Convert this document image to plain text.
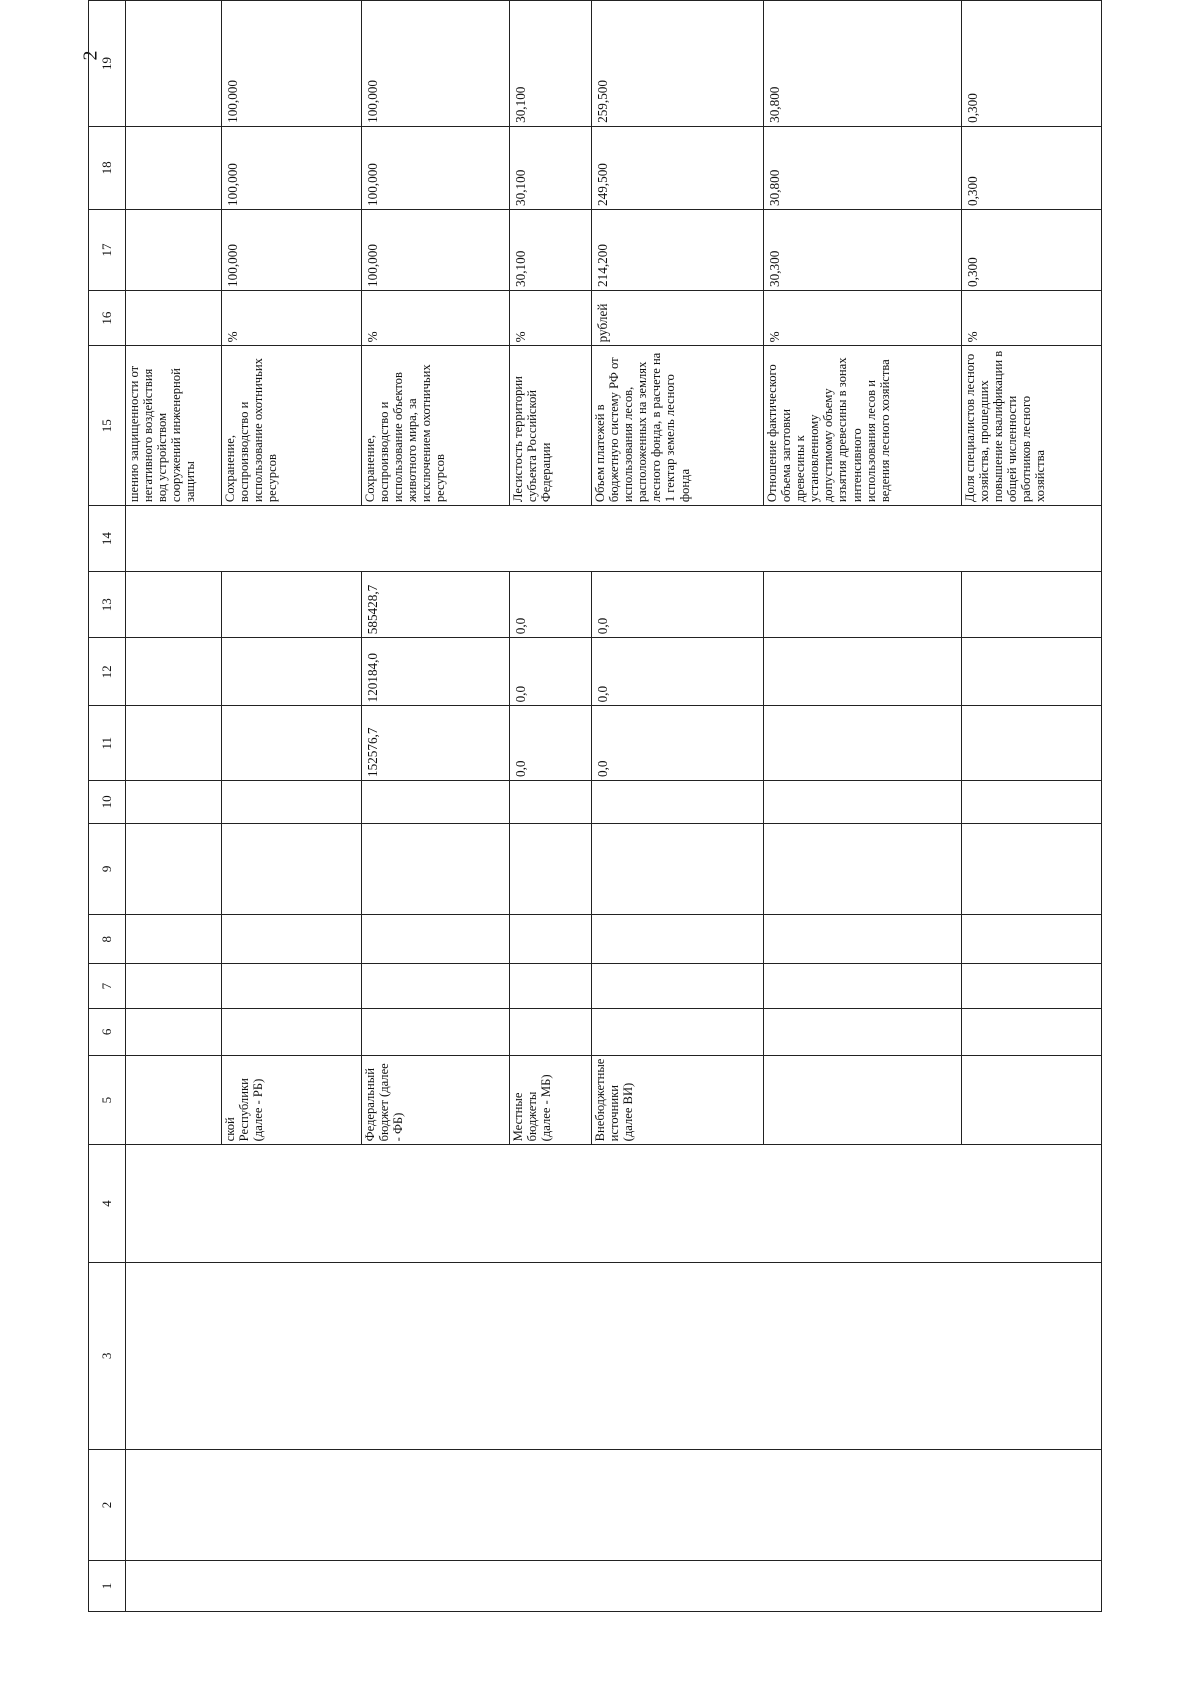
2
1	2	3	4	5	6	7	8	9	10	11	12	13	14	15	16	17	18	19
														шению защищенности от негативного воздействия вод устройством сооружений инженерной защиты				
				ской Республики (далее - РБ)										Сохранение, воспроизводство и использование охотничьих ресурсов	%	100,000	100,000	100,000
				Федеральный бюджет (далее - ФБ)						152576,7	120184,0	585428,7		Сохранение, воспроизводство и использование объектов животного мира, за исключением охотничьих ресурсов	%	100,000	100,000	100,000
				Местные бюджеты (далее - МБ)						0,0	0,0	0,0		Лесистость территории субъекта Российской Федерации	%	30,100	30,100	30,100
				Внебюджетные источники (далее ВИ)						0,0	0,0	0,0		Объем платежей в бюджетную систему РФ от использования лесов, расположенных на землях лесного фонда, в расчете на 1 гектар земель лесного фонда	рублей	214,200	249,500	259,500
														Отношение фактического объема заготовки древесины к установленному допустимому объему изъятия древесины в зонах интенсивного использования лесов и ведения лесного хозяйства	%	30,300	30,800	30,800
														Доля специалистов лесного хозяйства, прошедших повышение квалификации в общей численности работников лесного хозяйства	%	0,300	0,300	0,300
